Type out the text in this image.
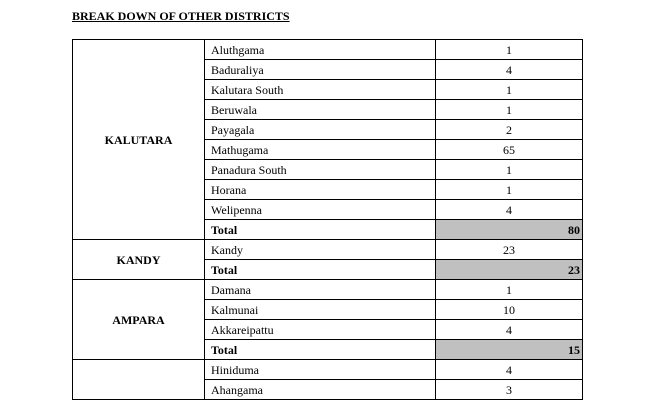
BREAK DOWN OF OTHER DISTRICTS
KALUTARA	Aluthgama	1
	Baduraliya	4
	Kalutara South	1
	Beruwala	1
	Payagala	2
	Mathugama	65
	Panadura South	1
	Horana	1
	Welipenna	4
	Total	80
KANDY	Kandy	23
	Total	23
AMPARA	Damana	1
	Kalmunai	10
	Akkareipattu	4
	Total	15
	Hiniduma	4
	Ahangama	3
